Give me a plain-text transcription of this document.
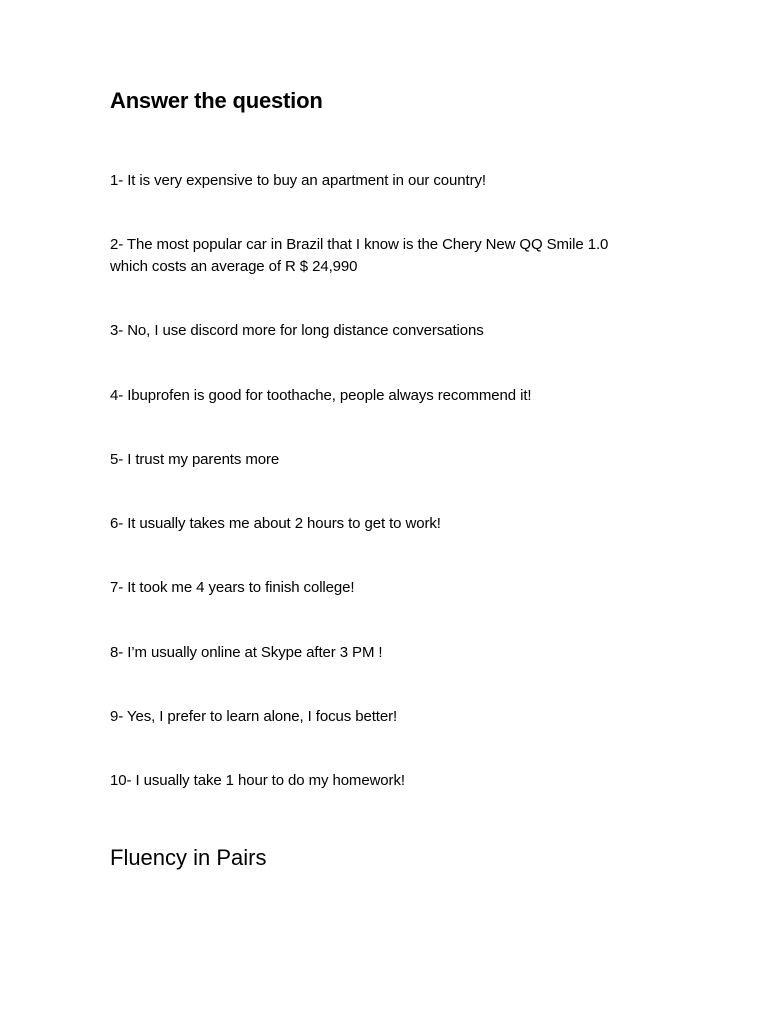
Answer the question
1- It is very expensive to buy an apartment in our country!
2- The most popular car in Brazil that I know is the Chery New QQ Smile 1.0 which costs an average of R $ 24,990
3- No, I use discord more for long distance conversations
4- Ibuprofen is good for toothache, people always recommend it!
5- I trust my parents more
6- It usually takes me about 2 hours to get to work!
7- It took me 4 years to finish college!
8- I’m usually online at Skype after 3 PM !
9- Yes, I prefer to learn alone, I focus better!
10- I usually take 1 hour to do my homework!
Fluency in Pairs
